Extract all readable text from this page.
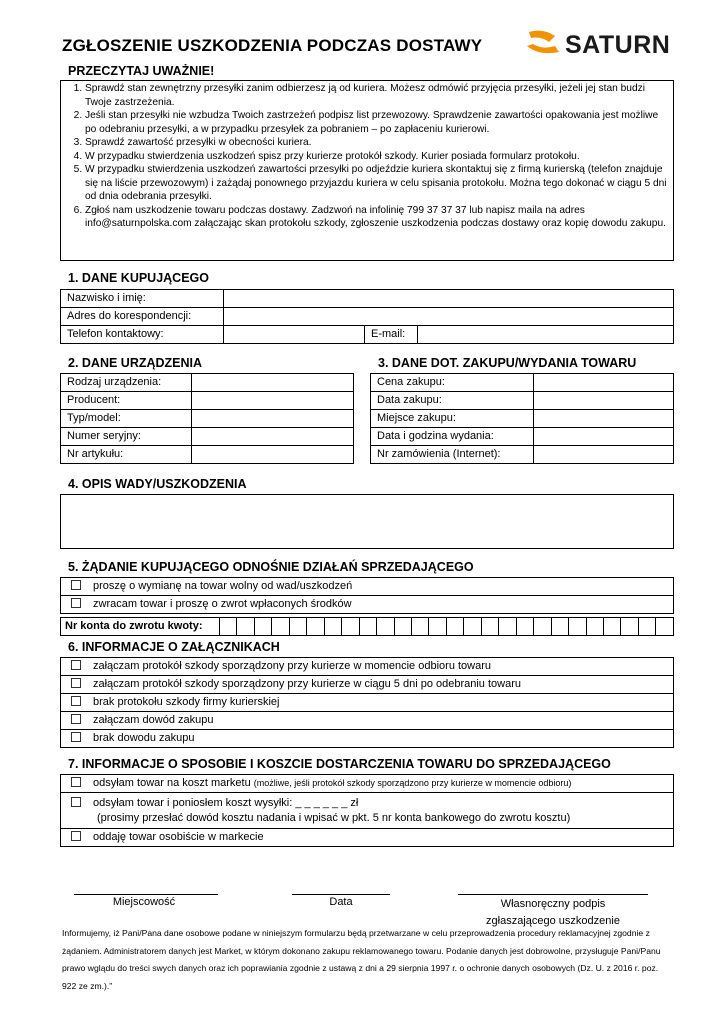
ZGŁOSZENIE USZKODZENIA PODCZAS DOSTAWY	SATURN
PRZECZYTAJ UWAŻNIE!
1. Sprawdź stan zewnętrzny przesyłki zanim odbierzesz ją od kuriera. Możesz odmówić przyjęcia przesyłki, jeżeli jej stan budzi Twoje zastrzeżenia.
2. Jeśli stan przesyłki nie wzbudza Twoich zastrzeżeń podpisz list przewozowy. Sprawdzenie zawartości opakowania jest możliwe po odebraniu przesyłki, a w przypadku przesyłek za pobraniem – po zapłaceniu kurierowi.
3. Sprawdź zawartość przesyłki w obecności kuriera.
4. W przypadku stwierdzenia uszkodzeń spisz przy kurierze protokół szkody. Kurier posiada formularz protokołu.
5. W przypadku stwierdzenia uszkodzeń zawartości przesyłki po odjeździe kuriera skontaktuj się z firmą kurierską (telefon znajduje się na liście przewozowym) i zażądaj ponownego przyjazdu kuriera w celu spisania protokołu. Można tego dokonać w ciągu 5 dni od dnia odebrania przesyłki.
6. Zgłoś nam uszkodzenie towaru podczas dostawy. Zadzwoń na infolinię 799 37 37 37 lub napisz maila na adres info@saturnpolska.com załączając skan protokołu szkody, zgłoszenie uszkodzenia podczas dostawy oraz kopię dowodu zakupu.
1. DANE KUPUJĄCEGO
Nazwisko i imię:			
Adres do korespondencji:			
Telefon kontaktowy:		E-mail:	
2. DANE URZĄDZENIA
Rodzaj urządzenia:	
Producent:	
Typ/model:	
Numer seryjny:	
Nr artykułu:	
3. DANE DOT. ZAKUPU/WYDANIA TOWARU
Cena zakupu:	
Data zakupu:	
Miejsce zakupu:	
Data i godzina wydania:	
Nr zamówienia (Internet):	
4. OPIS WADY/USZKODZENIA
5. ŻĄDANIE KUPUJĄCEGO ODNOŚNIE DZIAŁAŃ SPRZEDAJĄCEGO
proszę o wymianę na towar wolny od wad/uszkodzeń
zwracam towar i proszę o zwrot wpłaconych środków
Nr konta do zwrotu kwoty:																										
6. INFORMACJE O ZAŁĄCZNIKACH
załączam protokół szkody sporządzony przy kurierze w momencie odbioru towaru
załączam protokół szkody sporządzony przy kurierze w ciągu 5 dni po odebraniu towaru
brak protokołu szkody firmy kurierskiej
załączam dowód zakupu
brak dowodu zakupu
7. INFORMACJE O SPOSOBIE I KOSZCIE DOSTARCZENIA TOWARU DO SPRZEDAJĄCEGO
odsyłam towar na koszt marketu (możliwe, jeśli protokół szkody sporządzono przy kurierze w momencie odbioru)

odsyłam towar i poniosłem koszt wysyłki: _ _ _ _ _ _ zł
(prosimy przesłać dowód kosztu nadania i wpisać w pkt. 5 nr konta bankowego do zwrotu kosztu)

oddaję towar osobiście w markecie
Miejscowość	Data	Własnoręczny podpis
zgłaszającego uszkodzenie
Informujemy, iż Pani/Pana dane osobowe podane w niniejszym formularzu będą przetwarzane w celu przeprowadzenia procedury reklamacyjnej zgodnie z żądaniem. Administratorem danych jest Market, w którym dokonano zakupu reklamowanego towaru. Podanie danych jest dobrowolne, przysługuje Pani/Panu prawo wglądu do treści swych danych oraz ich poprawiania zgodnie z ustawą z dni a 29 sierpnia 1997 r. o ochronie danych osobowych (Dz. U. z 2016 r. poz. 922 ze zm.).”
